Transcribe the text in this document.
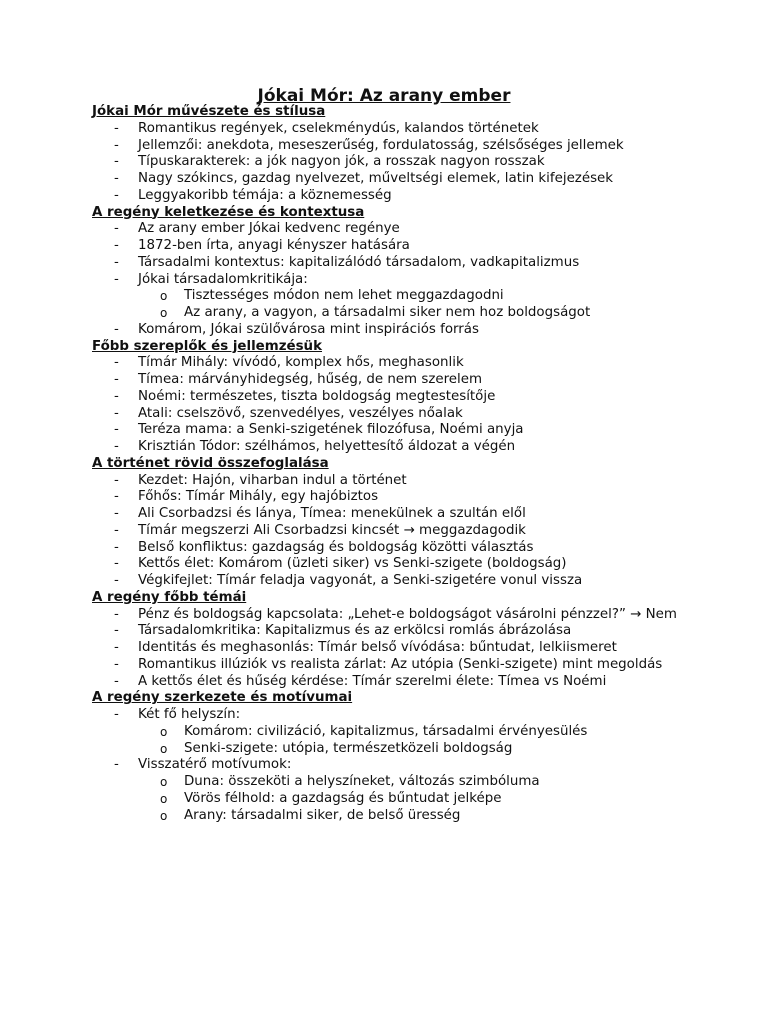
Jókai Mór: Az arany ember
Jókai Mór művészete és stílusa
- Romantikus regények, cselekménydús, kalandos történetek
- Jellemzői: anekdota, meseszerűség, fordulatosság, szélsőséges jellemek
- Típuskarakterek: a jók nagyon jók, a rosszak nagyon rosszak
- Nagy szókincs, gazdag nyelvezet, műveltségi elemek, latin kifejezések
- Leggyakoribb témája: a köznemesség
A regény keletkezése és kontextusa
- Az arany ember Jókai kedvenc regénye
- 1872-ben írta, anyagi kényszer hatására
- Társadalmi kontextus: kapitalizálódó társadalom, vadkapitalizmus
- Jókai társadalomkritikája:
o Tisztességes módon nem lehet meggazdagodni
o Az arany, a vagyon, a társadalmi siker nem hoz boldogságot
- Komárom, Jókai szülővárosa mint inspirációs forrás
Főbb szereplők és jellemzésük
- Tímár Mihály: vívódó, komplex hős, meghasonlik
- Tímea: márványhidegség, hűség, de nem szerelem
- Noémi: természetes, tiszta boldogság megtestesítője
- Atali: cselszövő, szenvedélyes, veszélyes nőalak
- Teréza mama: a Senki-szigetének filozófusa, Noémi anyja
- Krisztián Tódor: szélhámos, helyettesítő áldozat a végén
A történet rövid összefoglalása
- Kezdet: Hajón, viharban indul a történet
- Főhős: Tímár Mihály, egy hajóbiztos
- Ali Csorbadzsi és lánya, Tímea: menekülnek a szultán elől
- Tímár megszerzi Ali Csorbadzsi kincsét → meggazdagodik
- Belső konfliktus: gazdagság és boldogság közötti választás
- Kettős élet: Komárom (üzleti siker) vs Senki-szigete (boldogság)
- Végkifejlet: Tímár feladja vagyonát, a Senki-szigetére vonul vissza
A regény főbb témái
- Pénz és boldogság kapcsolata: „Lehet-e boldogságot vásárolni pénzzel?” → Nem
- Társadalomkritika: Kapitalizmus és az erkölcsi romlás ábrázolása
- Identitás és meghasonlás: Tímár belső vívódása: bűntudat, lelkiismeret
- Romantikus illúziók vs realista zárlat: Az utópia (Senki-szigete) mint megoldás
- A kettős élet és hűség kérdése: Tímár szerelmi élete: Tímea vs Noémi
A regény szerkezete és motívumai
- Két fő helyszín:
o Komárom: civilizáció, kapitalizmus, társadalmi érvényesülés
o Senki-szigete: utópia, természetközeli boldogság
- Visszatérő motívumok:
o Duna: összeköti a helyszíneket, változás szimbóluma
o Vörös félhold: a gazdagság és bűntudat jelképe
o Arany: társadalmi siker, de belső üresség
